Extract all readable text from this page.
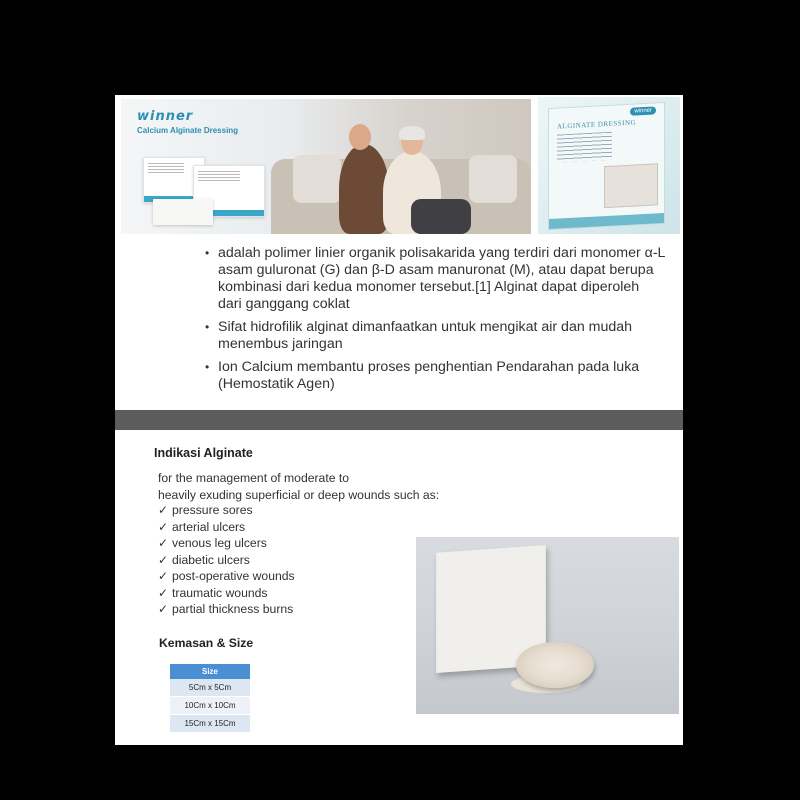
winner
Calcium Alginate Dressing
winner
ALGINATE DRESSING
• adalah polimer linier organik polisakarida yang terdiri dari monomer α-L asam guluronat (G) dan β-D asam manuronat (M), atau dapat berupa kombinasi dari kedua monomer tersebut.[1] Alginat dapat diperoleh dari ganggang coklat
• Sifat hidrofilik alginat dimanfaatkan untuk mengikat air dan mudah menembus jaringan
• Ion Calcium membantu proses penghentian Pendarahan pada luka (Hemostatik Agen)
Indikasi Alginate
for the management of moderate to
heavily exuding superficial or deep wounds such as:
✓ pressure sores
✓ arterial ulcers
✓ venous leg ulcers
✓ diabetic ulcers
✓ post-operative wounds
✓ traumatic wounds
✓ partial thickness burns
Kemasan & Size
Size
5Cm x 5Cm
10Cm x 10Cm
15Cm x 15Cm
